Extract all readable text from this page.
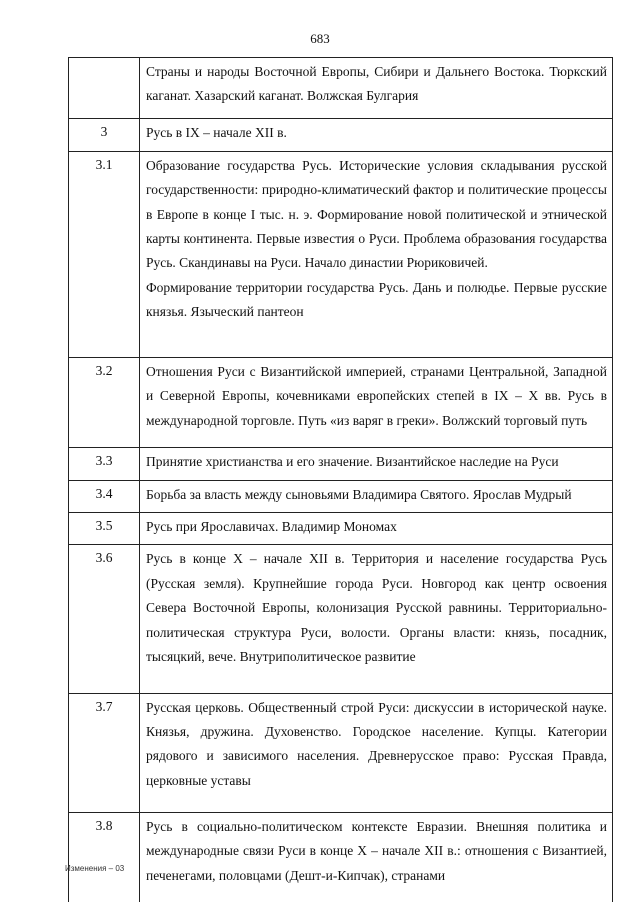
683

	Страны и народы Восточной Европы, Сибири и Дальнего Востока. Тюркский каганат. Хазарский каганат. Волжская Булгария

3	Русь в IX – начале XII в.

3.1	Образование государства Русь. Исторические условия складывания русской государственности: природно-климатический фактор и политические процессы в Европе в конце I тыс. н. э. Формирование новой политической и этнической карты континента. Первые известия о Руси. Проблема образования государства Русь. Скандинавы на Руси. Начало династии Рюриковичей.

Формирование территории государства Русь. Дань и полюдье. Первые русские князья. Языческий пантеон

3.2	Отношения Руси с Византийской империей, странами Центральной, Западной и Северной Европы, кочевниками европейских степей в IX – X вв. Русь в международной торговле. Путь «из варяг в греки». Волжский торговый путь

3.3	Принятие христианства и его значение. Византийское наследие на Руси

3.4	Борьба за власть между сыновьями Владимира Святого. Ярослав Мудрый

3.5	Русь при Ярославичах. Владимир Мономах

3.6	Русь в конце X – начале XII в. Территория и население государства Русь (Русская земля). Крупнейшие города Руси. Новгород как центр освоения Севера Восточной Европы, колонизация Русской равнины. Территориально-политическая структура Руси, волости. Органы власти: князь, посадник, тысяцкий, вече. Внутриполитическое развитие

3.7	Русская церковь. Общественный строй Руси: дискуссии в исторической науке. Князья, дружина. Духовенство. Городское население. Купцы. Категории рядового и зависимого населения. Древнерусское право: Русская Правда, церковные уставы

3.8	Русь в социально-политическом контексте Евразии. Внешняя политика и международные связи Руси в конце X – начале XII в.: отношения с Византией, печенегами, половцами (Дешт-и-Кипчак), странами

Изменения – 03
